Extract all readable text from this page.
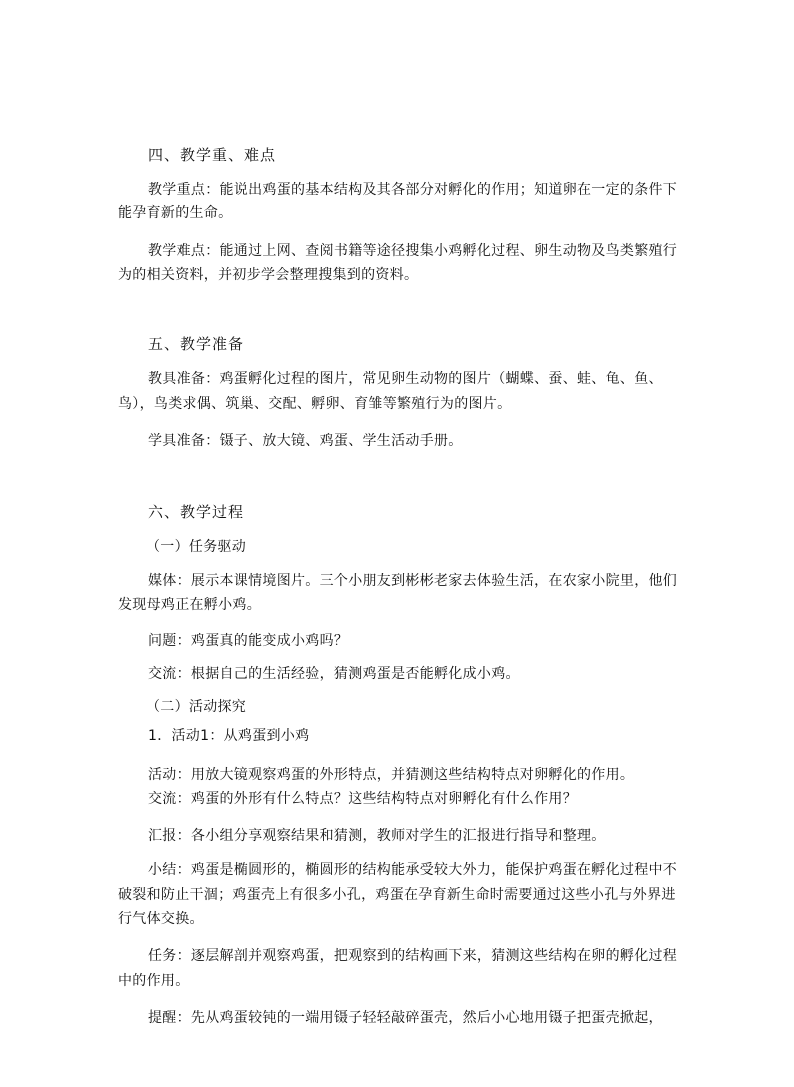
四、教学重、难点
教学重点：能说出鸡蛋的基本结构及其各部分对孵化的作用；知道卵在一定的条件下
能孕育新的生命。
教学难点：能通过上网、查阅书籍等途径搜集小鸡孵化过程、卵生动物及鸟类繁殖行
为的相关资料，并初步学会整理搜集到的资料。
五、教学准备
教具准备：鸡蛋孵化过程的图片，常见卵生动物的图片（蝴蝶、蚕、蛙、龟、鱼、
鸟），鸟类求偶、筑巢、交配、孵卵、育雏等繁殖行为的图片。
学具准备：镊子、放大镜、鸡蛋、学生活动手册。
六、教学过程
（一）任务驱动
媒体：展示本课情境图片。三个小朋友到彬彬老家去体验生活，在农家小院里，他们
发现母鸡正在孵小鸡。
问题：鸡蛋真的能变成小鸡吗？
交流：根据自己的生活经验，猜测鸡蛋是否能孵化成小鸡。
（二）活动探究
1．活动1：从鸡蛋到小鸡
活动：用放大镜观察鸡蛋的外形特点，并猜测这些结构特点对卵孵化的作用。
交流：鸡蛋的外形有什么特点？这些结构特点对卵孵化有什么作用？
汇报：各小组分享观察结果和猜测，教师对学生的汇报进行指导和整理。
小结：鸡蛋是椭圆形的，椭圆形的结构能承受较大外力，能保护鸡蛋在孵化过程中不
破裂和防止干涸；鸡蛋壳上有很多小孔，鸡蛋在孕育新生命时需要通过这些小孔与外界进
行气体交换。
任务：逐层解剖并观察鸡蛋，把观察到的结构画下来，猜测这些结构在卵的孵化过程
中的作用。
提醒：先从鸡蛋较钝的一端用镊子轻轻敲碎蛋壳，然后小心地用镊子把蛋壳掀起，
